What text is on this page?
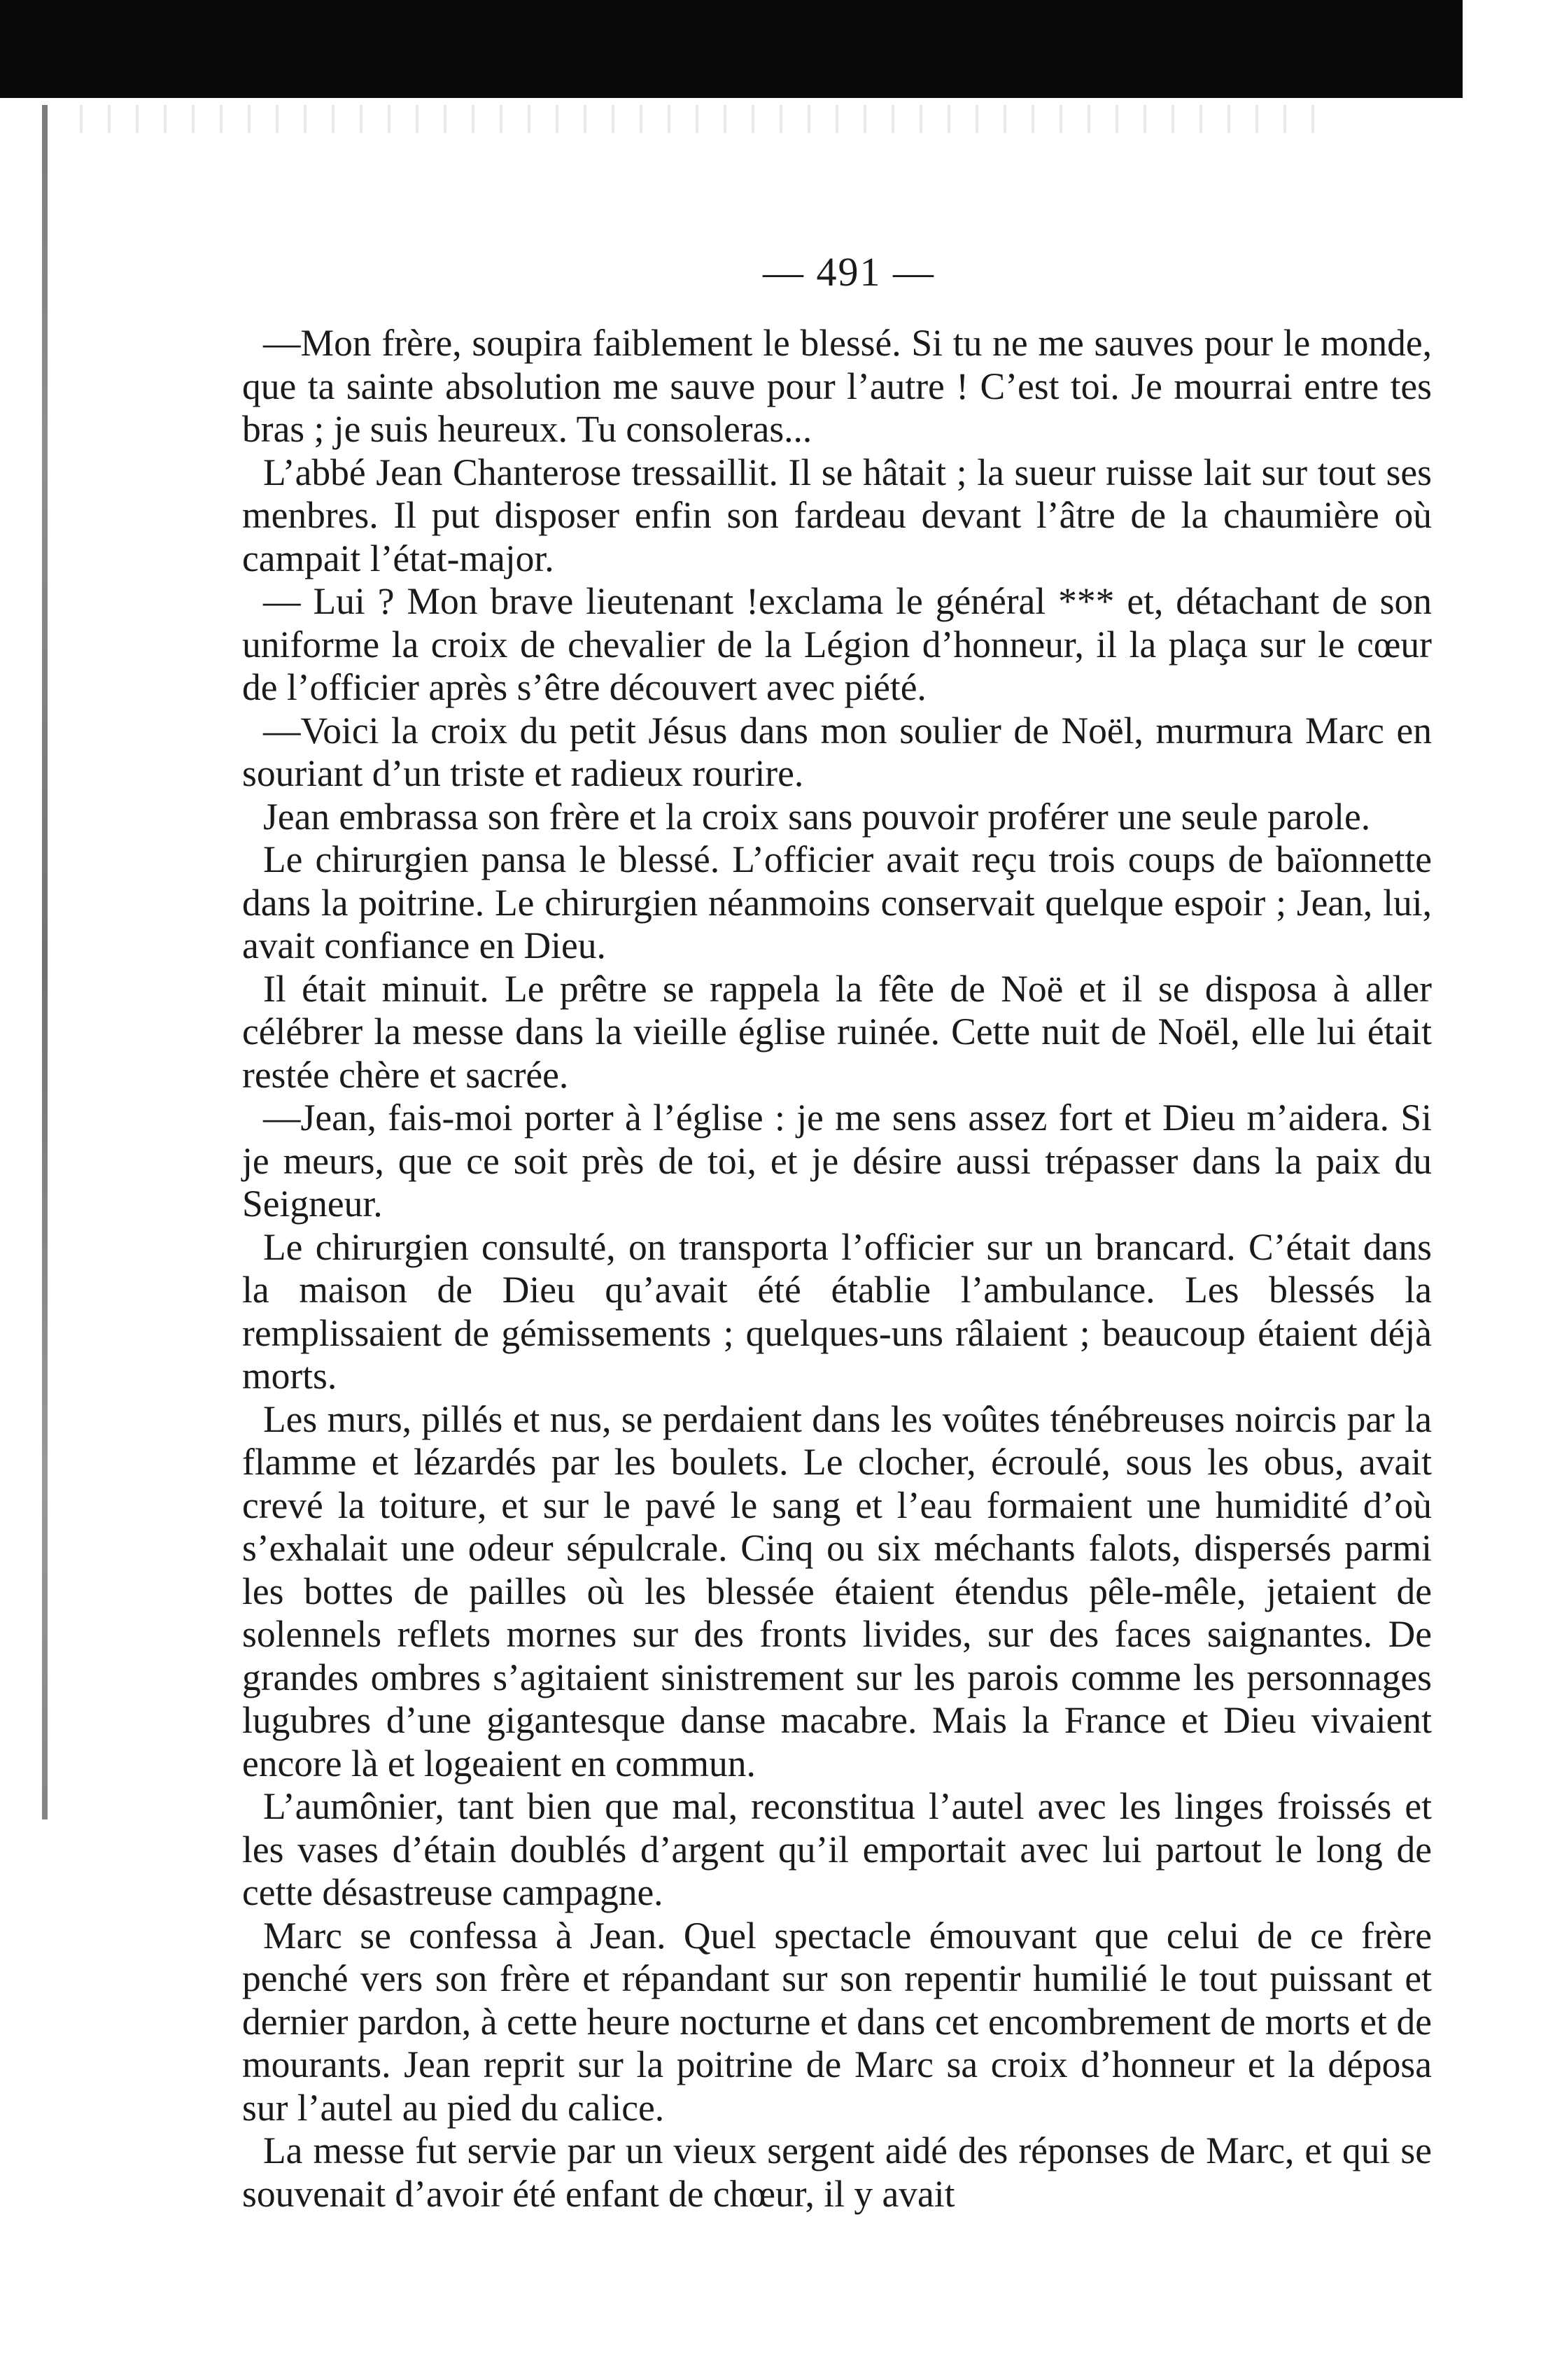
— 491 —

—Mon frère, soupira faiblement le blessé. Si tu ne me sauves pour le monde, que ta sainte absolution me sauve pour l’autre ! C’est toi. Je mourrai entre tes bras ; je suis heureux. Tu consoleras...

L’abbé Jean Chanterose tressaillit. Il se hâtait ; la sueur ruisse lait sur tout ses menbres. Il put disposer enfin son fardeau devant l’âtre de la chaumière où campait l’état-major.

— Lui ? Mon brave lieutenant !exclama le général *** et, détachant de son uniforme la croix de chevalier de la Légion d’honneur, il la plaça sur le cœur de l’officier après s’être découvert avec piété.

—Voici la croix du petit Jésus dans mon soulier de Noël, murmura Marc en souriant d’un triste et radieux rourire.

Jean embrassa son frère et la croix sans pouvoir proférer une seule parole.

Le chirurgien pansa le blessé. L’officier avait reçu trois coups de baïonnette dans la poitrine. Le chirurgien néanmoins conservait quelque espoir ; Jean, lui, avait confiance en Dieu.

Il était minuit. Le prêtre se rappela la fête de Noë et il se disposa à aller célébrer la messe dans la vieille église ruinée. Cette nuit de Noël, elle lui était restée chère et sacrée.

—Jean, fais-moi porter à l’église : je me sens assez fort et Dieu m’aidera. Si je meurs, que ce soit près de toi, et je désire aussi trépasser dans la paix du Seigneur.

Le chirurgien consulté, on transporta l’officier sur un brancard. C’était dans la maison de Dieu qu’avait été établie l’ambulance. Les blessés la remplissaient de gémissements ; quelques-uns râlaient ; beaucoup étaient déjà morts.

Les murs, pillés et nus, se perdaient dans les voûtes ténébreuses noircis par la flamme et lézardés par les boulets. Le clocher, écroulé, sous les obus, avait crevé la toiture, et sur le pavé le sang et l’eau formaient une humidité d’où s’exhalait une odeur sépulcrale. Cinq ou six méchants falots, dispersés parmi les bottes de pailles où les blessée étaient étendus pêle-mêle, jetaient de solennels reflets mornes sur des fronts livides, sur des faces saignantes. De grandes ombres s’agitaient sinistrement sur les parois comme les personnages lugubres d’une gigantesque danse macabre. Mais la France et Dieu vivaient encore là et logeaient en commun.

L’aumônier, tant bien que mal, reconstitua l’autel avec les linges froissés et les vases d’étain doublés d’argent qu’il emportait avec lui partout le long de cette désastreuse campagne.

Marc se confessa à Jean. Quel spectacle émouvant que celui de ce frère penché vers son frère et répandant sur son repentir humilié le tout puissant et dernier pardon, à cette heure nocturne et dans cet encombrement de morts et de mourants. Jean reprit sur la poitrine de Marc sa croix d’honneur et la déposa sur l’autel au pied du calice.

La messe fut servie par un vieux sergent aidé des réponses de Marc, et qui se souvenait d’avoir été enfant de chœur, il y avait
